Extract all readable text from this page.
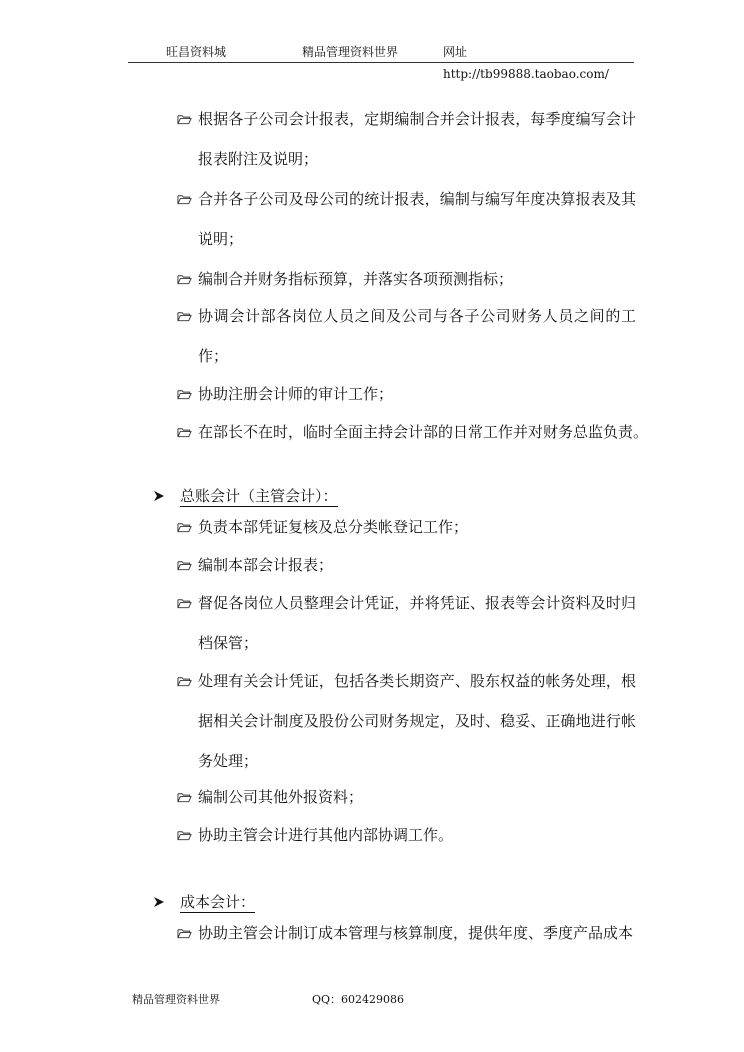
旺昌资料城	精品管理资料世界	网址　http://tb99888.taobao.com/
根据各子公司会计报表，定期编制合并会计报表，每季度编写会计报表附注及说明；
合并各子公司及母公司的统计报表，编制与编写年度决算报表及其说明；
编制合并财务指标预算，并落实各项预测指标；
协调会计部各岗位人员之间及公司与各子公司财务人员之间的工作；
协助注册会计师的审计工作；
在部长不在时，临时全面主持会计部的日常工作并对财务总监负责。
总账会计（主管会计）：
负责本部凭证复核及总分类帐登记工作；
编制本部会计报表；
督促各岗位人员整理会计凭证，并将凭证、报表等会计资料及时归档保管；
处理有关会计凭证，包括各类长期资产、股东权益的帐务处理，根据相关会计制度及股份公司财务规定，及时、稳妥、正确地进行帐务处理；
编制公司其他外报资料；
协助主管会计进行其他内部协调工作。
成本会计：
协助主管会计制订成本管理与核算制度，提供年度、季度产品成本
精品管理资料世界	QQ：602429086
